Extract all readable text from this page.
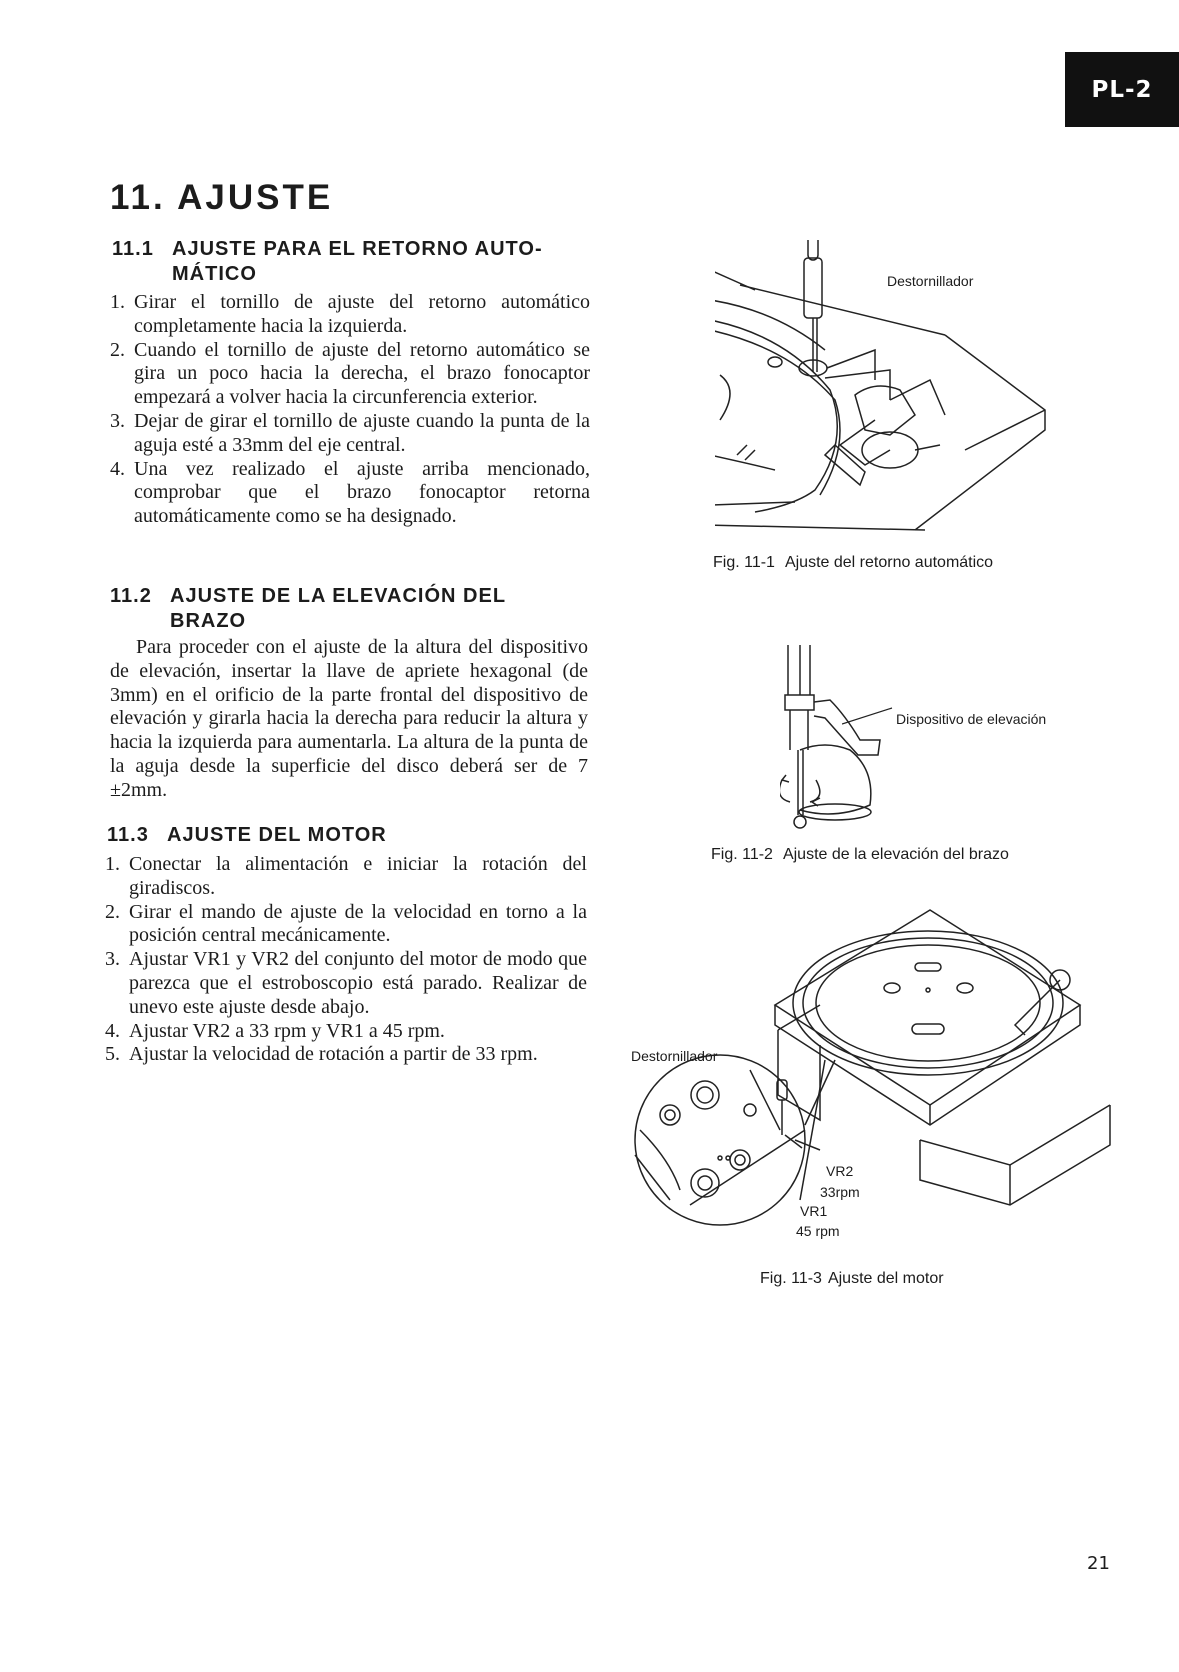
PL-2
11. AJUSTE
11.1 AJUSTE PARA EL RETORNO AUTO-
MÁTICO
1. Girar el tornillo de ajuste del retorno automático completamente hacia la izquierda.
2. Cuando el tornillo de ajuste del retorno automático se gira un poco hacia la derecha, el brazo fonocaptor empezará a volver hacia la circunferencia exterior.
3. Dejar de girar el tornillo de ajuste cuando la punta de la aguja esté a 33mm del eje central.
4. Una vez realizado el ajuste arriba mencionado, comprobar que el brazo fonocaptor retorna automáticamente como se ha designado.
11.2 AJUSTE DE LA ELEVACIÓN DEL
BRAZO

Para proceder con el ajuste de la altura del dispositivo de elevación, insertar la llave de apriete hexagonal (de 3mm) en el orificio de la parte frontal del dispositivo de elevación y girarla hacia la derecha para reducir la altura y hacia la izquierda para aumentarla. La altura de la punta de la aguja desde la superficie del disco deberá ser de 7 ±2mm.

11.3 AJUSTE DEL MOTOR
1. Conectar la alimentación e iniciar la rotación del giradiscos.
2. Girar el mando de ajuste de la velocidad en torno a la posición central mecánicamente.
3. Ajustar VR1 y VR2 del conjunto del motor de modo que parezca que el estroboscopio está parado. Realizar de unevo este ajuste desde abajo.
4. Ajustar VR2 a 33 rpm y VR1 a 45 rpm.
5. Ajustar la velocidad de rotación a partir de 33 rpm.
Destornillador
Fig. 11-1 Ajuste del retorno automático
Dispositivo de elevación
Fig. 11-2 Ajuste de la elevación del brazo
Destornillador
VR2
33rpm
VR1
45 rpm
Fig. 11-3 Ajuste del motor
21
